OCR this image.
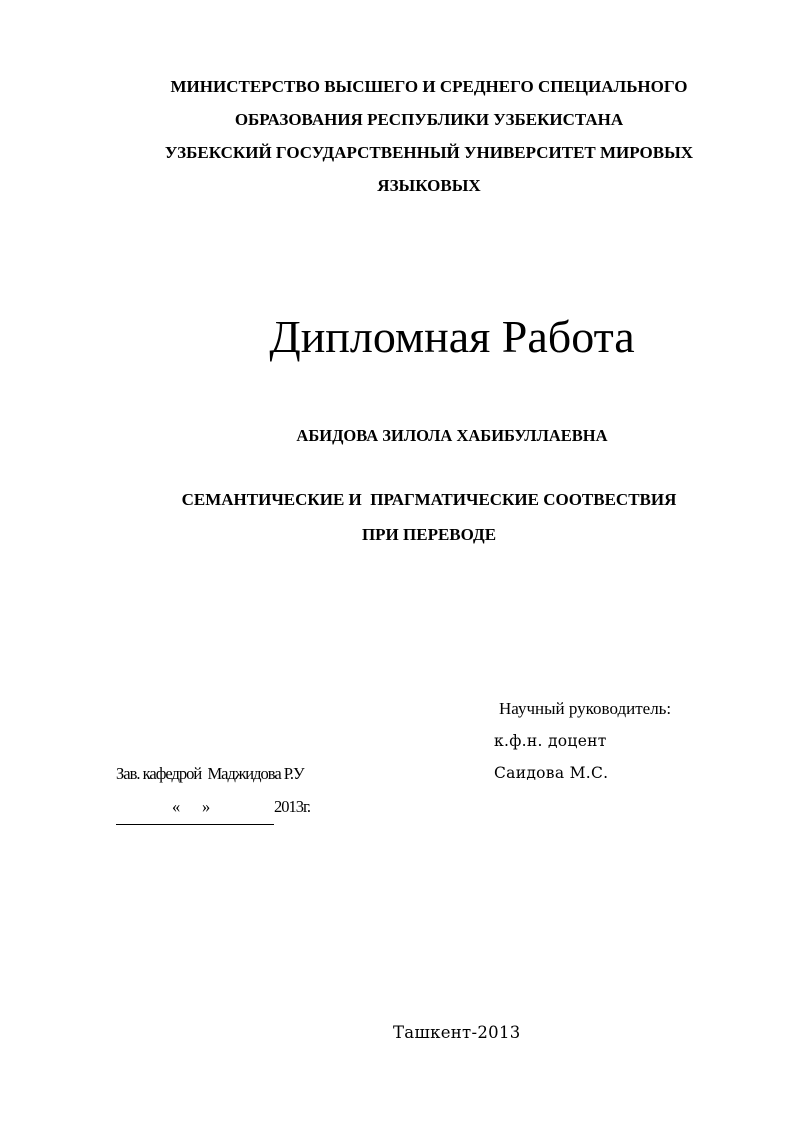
МИНИСТЕРСТВО ВЫСШЕГО И СРЕДНЕГО СПЕЦИАЛЬНОГО
ОБРАЗОВАНИЯ РЕСПУБЛИКИ УЗБЕКИСТАНА
УЗБЕКСКИЙ ГОСУДАРСТВЕННЫЙ УНИВЕРСИТЕТ МИРОВЫХ
ЯЗЫКОВЫХ
Дипломная Работа
АБИДОВА ЗИЛОЛА ХАБИБУЛЛАЕВНА
СЕМАНТИЧЕСКИЕ И  ПРАГМАТИЧЕСКИЕ СООТВЕСТВИЯ
ПРИ ПЕРЕВОДЕ
Научный руководитель:
к.ф.н. доцент
Саидова М.С.
Зав. кафедрой  Маджидова Р.У
« »	2013г.
Ташкент-2013
